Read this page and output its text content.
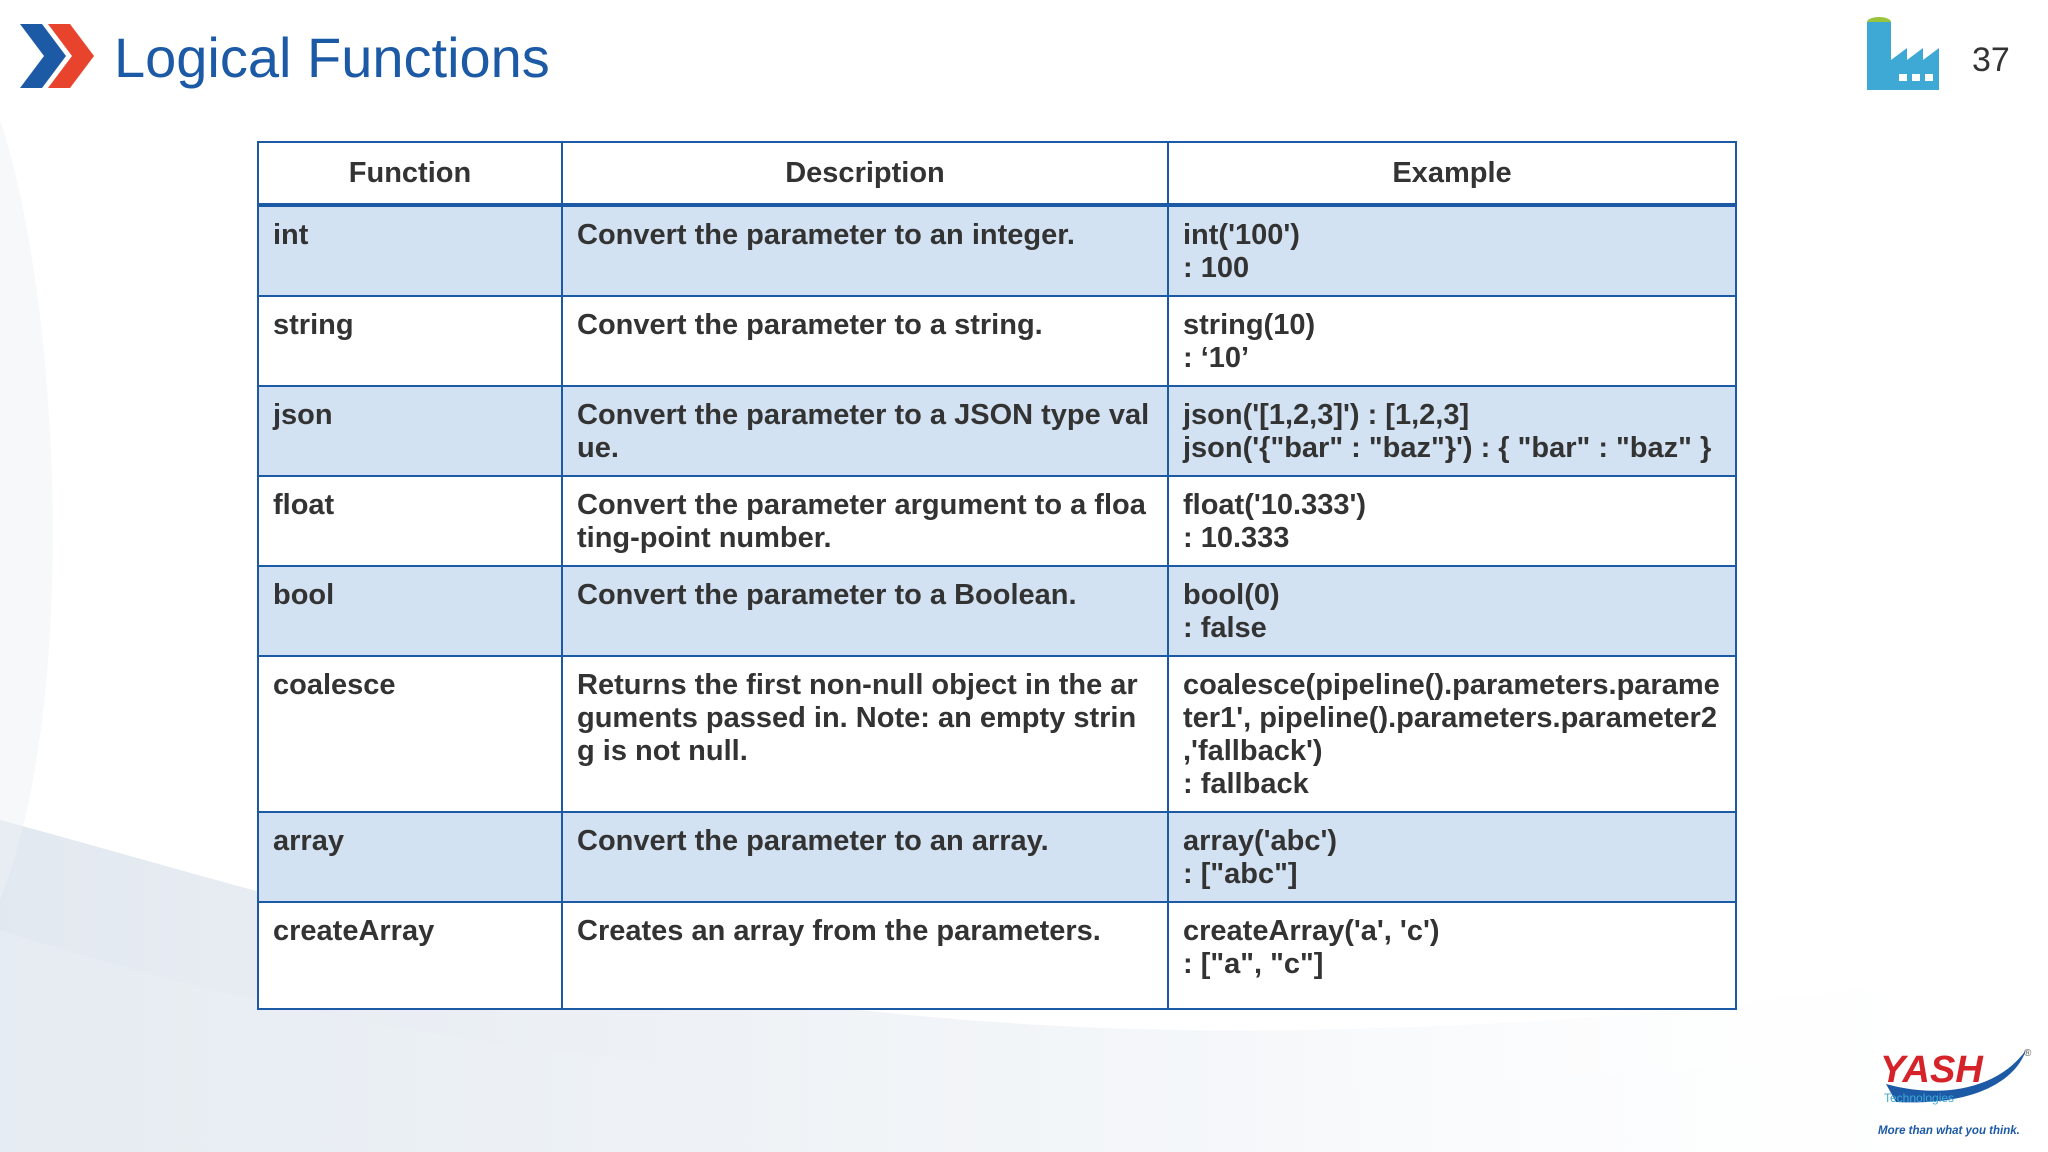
Logical Functions	37
Function	Description	Example
int	Convert the parameter to an integer.	int('100')
: 100
string	Convert the parameter to a string.	string(10)
: ‘10’
json	Convert the parameter to a JSON type value.	json('[1,2,3]') : [1,2,3]
json('{"bar" : "baz"}') : { "bar" : "baz" }
float	Convert the parameter argument to a floating-point number.	float('10.333')
: 10.333
bool	Convert the parameter to a Boolean.	bool(0)
: false
coalesce	Returns the first non-null object in the arguments passed in. Note: an empty string is not null.	coalesce(pipeline().parameters.parameter1', pipeline().parameters.parameter2
,'fallback')
: fallback
array	Convert the parameter to an array.	array('abc')
: ["abc"]
createArray	Creates an array from the parameters.	createArray('a', 'c')
: ["a", "c"]
YASH	®
Technologies
More than what you think.
